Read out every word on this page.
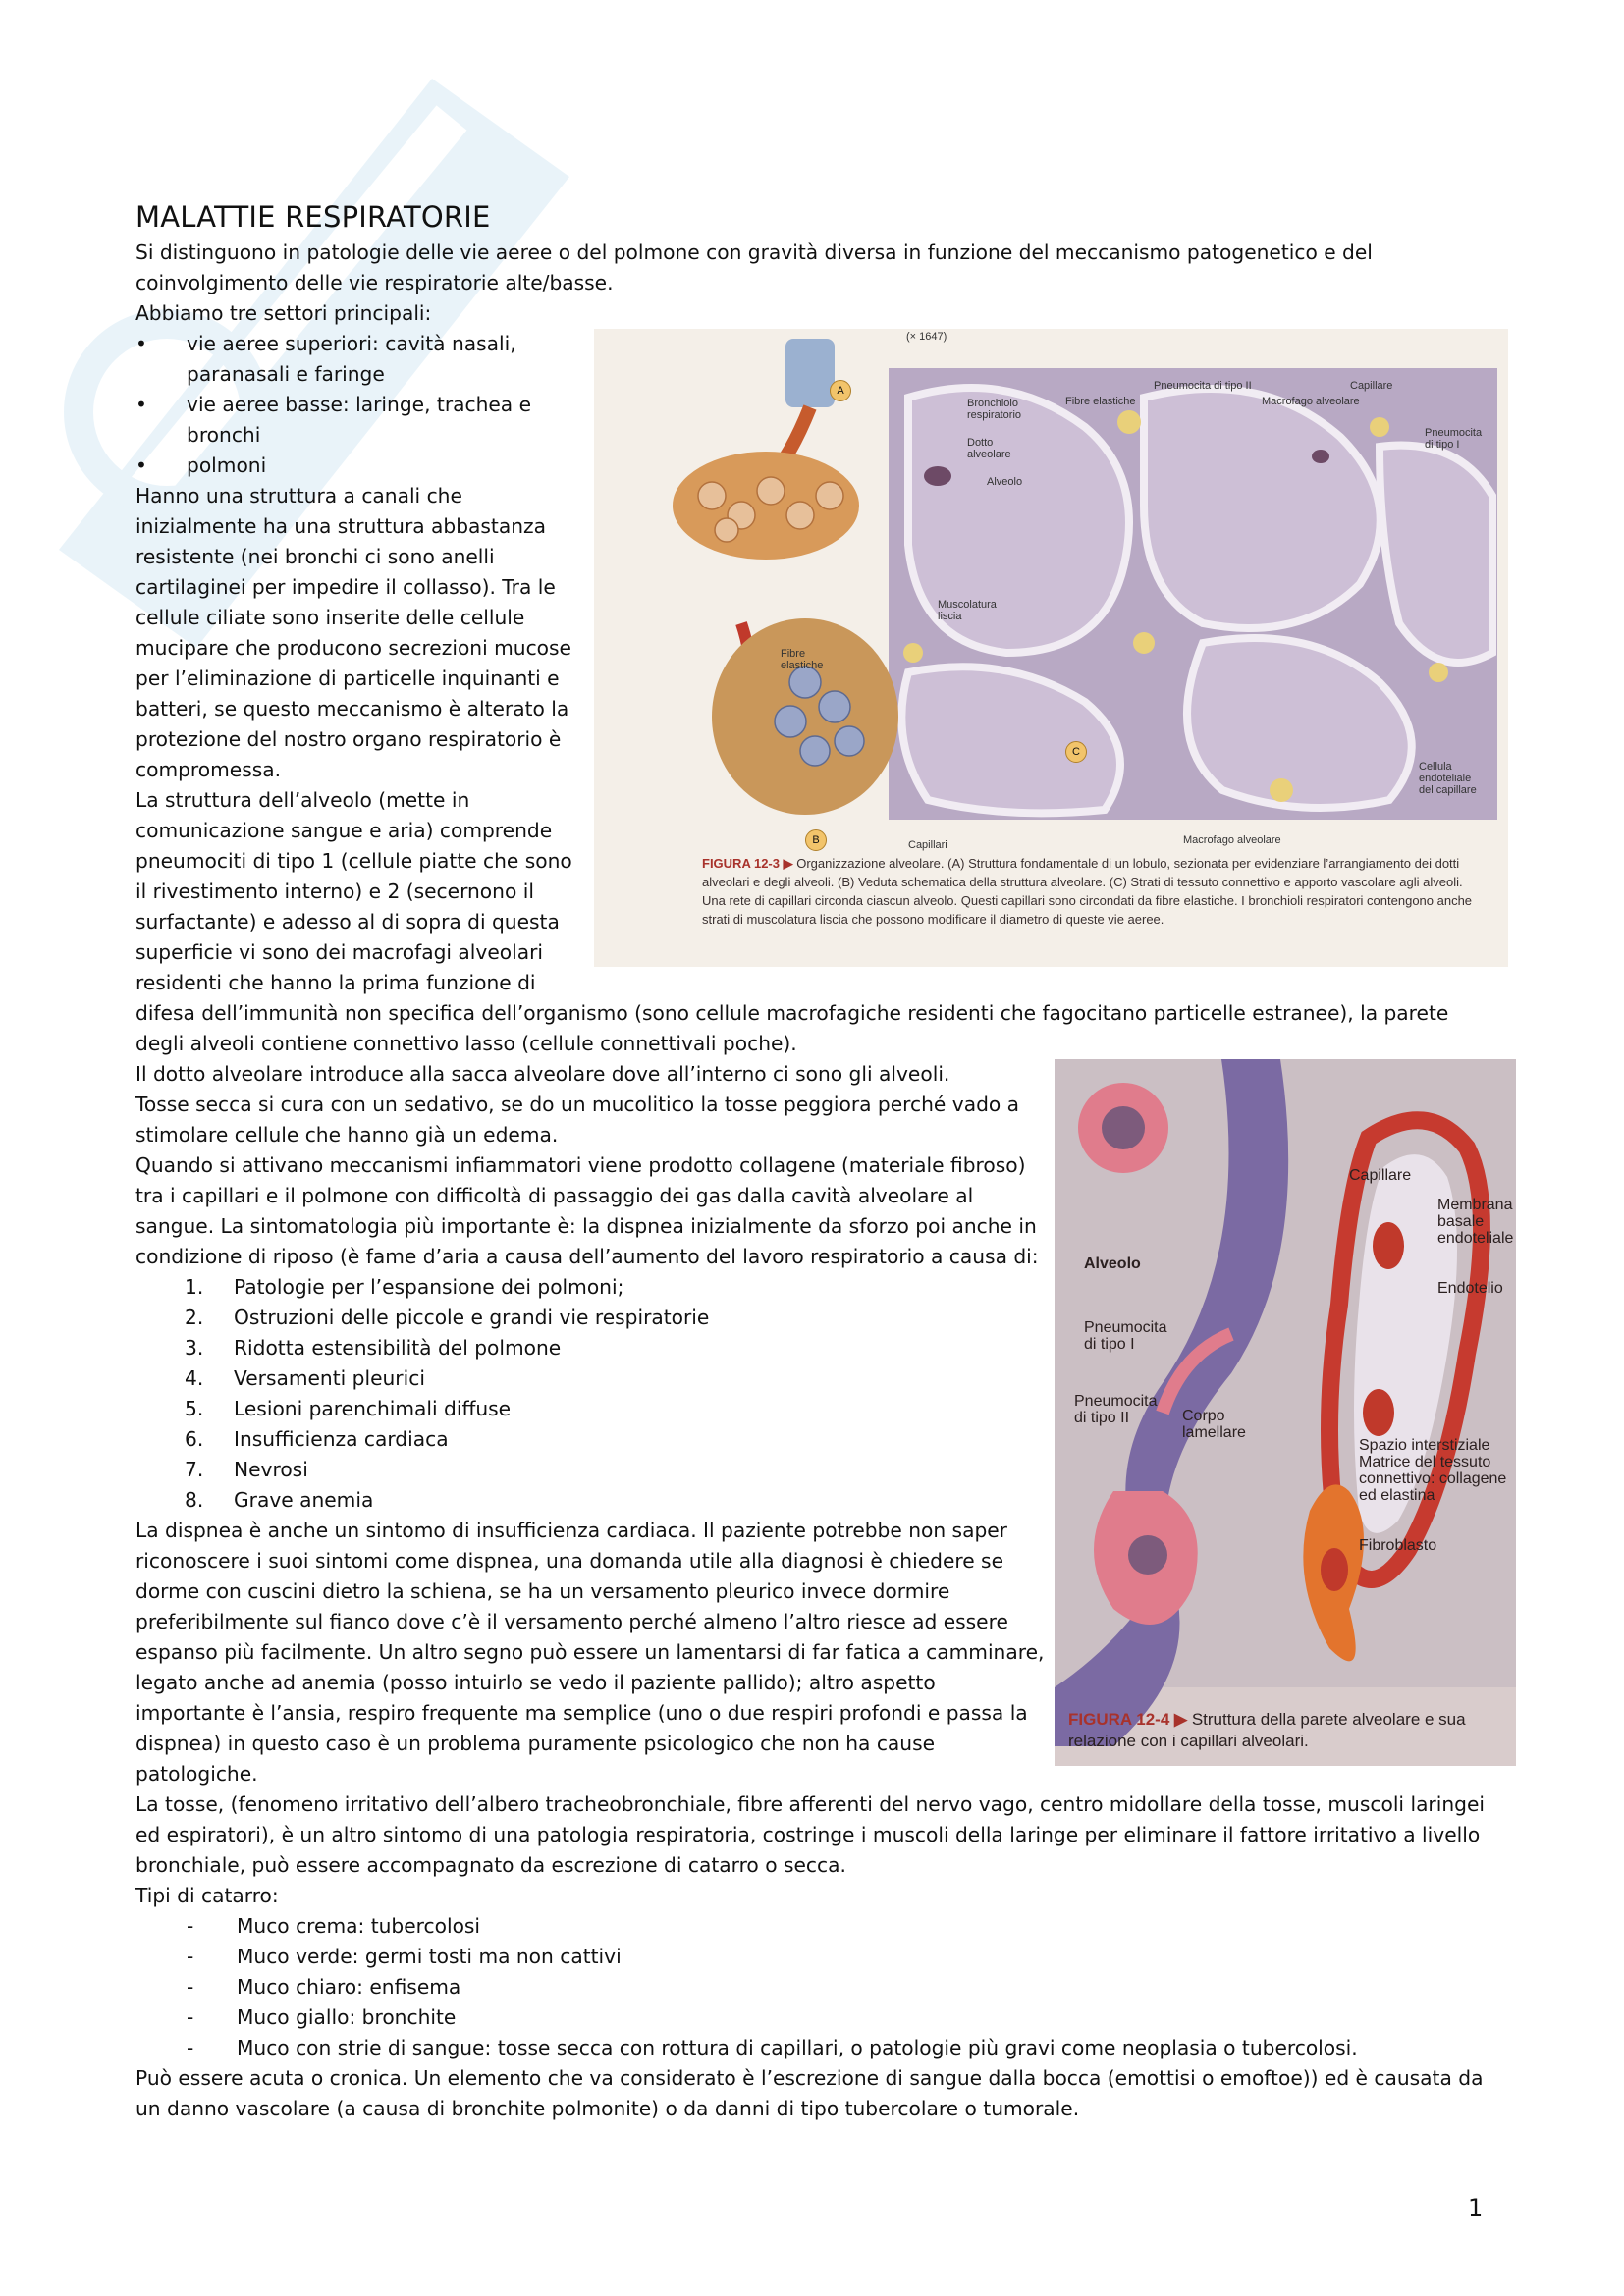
MALATTIE RESPIRATORIE

Si distinguono in patologie delle vie aeree o del polmone con gravità diversa in funzione del meccanismo patogenetico e del coinvolgimento delle vie respiratorie alte/basse.

Abbiamo tre settori principali:

(× 1647)
A
B
C
Bronchiolo respiratorio
Dotto alveolare
Alveolo
Muscolatura liscia
Fibre elastiche
Capillari
Fibre elastiche
Pneumocita di tipo II	Capillare
Macrofago alveolare
Pneumocita di tipo I
Cellula endoteliale del capillare
Macrofago alveolare
FIGURA 12-3 ▶ Organizzazione alveolare. (A) Struttura fondamentale di un lobulo, sezionata per evidenziare l’arrangiamento dei dotti alveolari e degli alveoli. (B) Veduta schematica della struttura alveolare. (C) Strati di tessuto connettivo e apporto vascolare agli alveoli. Una rete di capillari circonda ciascun alveolo. Questi capillari sono circondati da fibre elastiche. I bronchioli respiratori contengono anche strati di muscolatura liscia che possono modificare il diametro di queste vie aeree.
• vie aeree superiori: cavità nasali, paranasali e faringe
• vie aeree basse: laringe, trachea e bronchi
• polmoni

Hanno una struttura a canali che inizialmente ha una struttura abbastanza resistente (nei bronchi ci sono anelli cartilaginei per impedire il collasso). Tra le cellule ciliate sono inserite delle cellule mucipare che producono secrezioni mucose per l’eliminazione di particelle inquinanti e batteri, se questo meccanismo è alterato la protezione del nostro organo respiratorio è compromessa.

La struttura dell’alveolo (mette in comunicazione sangue e aria) comprende pneumociti di tipo 1 (cellule piatte che sono il rivestimento interno) e 2 (secernono il surfactante) e adesso al di sopra di questa superficie vi sono dei macrofagi alveolari residenti che hanno la prima funzione di difesa dell’immunità non specifica dell’organismo (sono cellule macrofagiche residenti che fagocitano particelle estranee), la parete degli alveoli contiene connettivo lasso (cellule connettivali poche).

Capillare
Membrana basale endoteliale
Endotelio
Alveolo
Pneumocita di tipo I
Pneumocita di tipo II	Corpo lamellare
Spazio interstiziale Matrice del tessuto connettivo: collagene ed elastina
Fibroblasto
FIGURA 12-4 ▶ Struttura della parete alveolare e sua relazione con i capillari alveolari.

Il dotto alveolare introduce alla sacca alveolare dove all’interno ci sono gli alveoli.

Tosse secca si cura con un sedativo, se do un mucolitico la tosse peggiora perché vado a stimolare cellule che hanno già un edema.

Quando si attivano meccanismi infiammatori viene prodotto collagene (materiale fibroso) tra i capillari e il polmone con difficoltà di passaggio dei gas dalla cavità alveolare al sangue. La sintomatologia più importante è: la dispnea inizialmente da sforzo poi anche in condizione di riposo (è fame d’aria a causa dell’aumento del lavoro respiratorio a causa di:

1. Patologie per l’espansione dei polmoni;
2. Ostruzioni delle piccole e grandi vie respiratorie
3. Ridotta estensibilità del polmone
4. Versamenti pleurici
5. Lesioni parenchimali diffuse
6. Insufficienza cardiaca
7. Nevrosi
8. Grave anemia

La dispnea è anche un sintomo di insufficienza cardiaca. Il paziente potrebbe non saper riconoscere i suoi sintomi come dispnea, una domanda utile alla diagnosi è chiedere se dorme con cuscini dietro la schiena, se ha un versamento pleurico invece dormire preferibilmente sul fianco dove c’è il versamento perché almeno l’altro riesce ad essere espanso più facilmente. Un altro segno può essere un lamentarsi di far fatica a camminare, legato anche ad anemia (posso intuirlo se vedo il paziente pallido); altro aspetto importante è l’ansia, respiro frequente ma semplice (uno o due respiri profondi e passa la dispnea) in questo caso è un problema puramente psicologico che non ha cause patologiche.

La tosse, (fenomeno irritativo dell’albero tracheobronchiale, fibre afferenti del nervo vago, centro midollare della tosse, muscoli laringei ed espiratori), è un altro sintomo di una patologia respiratoria, costringe i muscoli della laringe per eliminare il fattore irritativo a livello bronchiale, può essere accompagnato da escrezione di catarro o secca.

Tipi di catarro:

- Muco crema: tubercolosi
- Muco verde: germi tosti ma non cattivi
- Muco chiaro: enfisema
- Muco giallo: bronchite
- Muco con strie di sangue: tosse secca con rottura di capillari, o patologie più gravi come neoplasia o tubercolosi.

Può essere acuta o cronica. Un elemento che va considerato è l’escrezione di sangue dalla bocca (emottisi o emoftoe)) ed è causata da un danno vascolare (a causa di bronchite polmonite) o da danni di tipo tubercolare o tumorale.

1
